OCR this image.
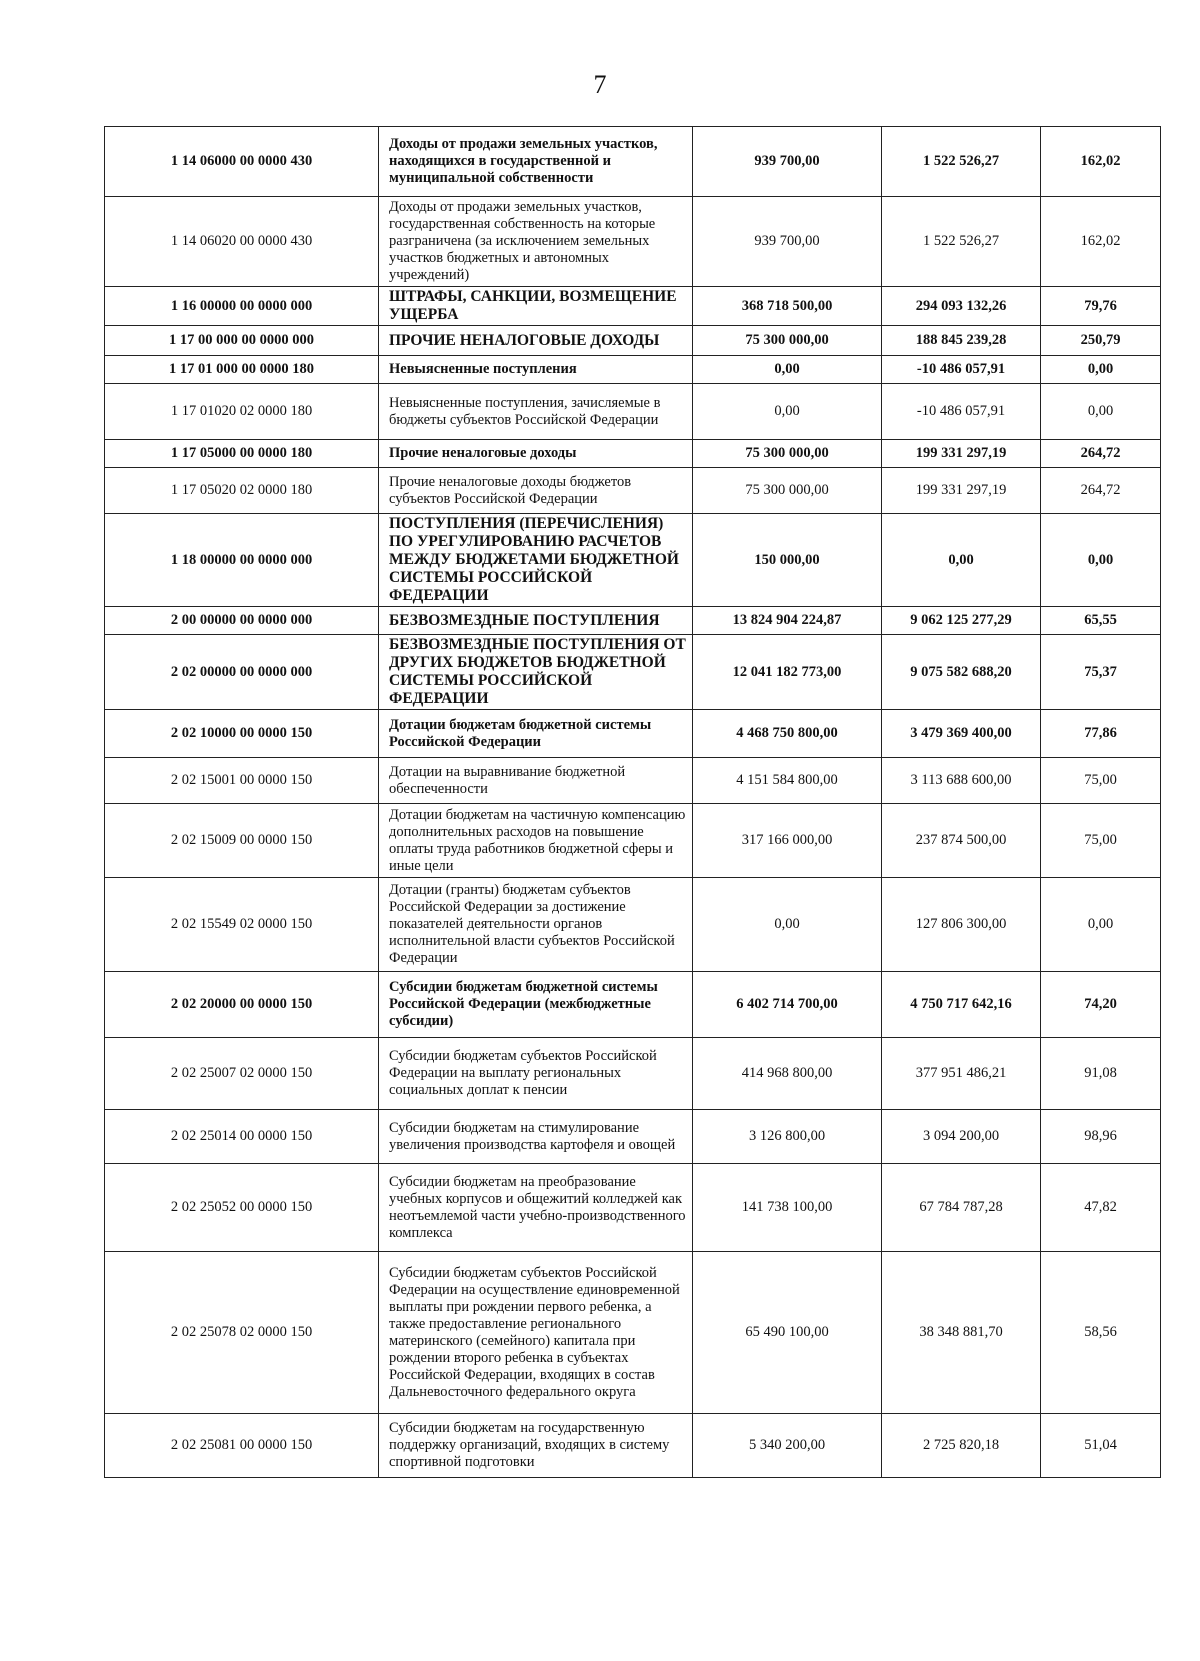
7
1 14 06000 00 0000 430	Доходы от продажи земельных участков, находящихся в государственной и муниципальной собственности	939 700,00	1 522 526,27	162,02
1 14 06020 00 0000 430	Доходы от продажи земельных участков, государственная собственность на которые разграничена (за исключением земельных участков бюджетных и автономных учреждений)	939 700,00	1 522 526,27	162,02
1 16 00000 00 0000 000	ШТРАФЫ, САНКЦИИ, ВОЗМЕЩЕНИЕ УЩЕРБА	368 718 500,00	294 093 132,26	79,76
1 17 00 000 00 0000 000	ПРОЧИЕ НЕНАЛОГОВЫЕ ДОХОДЫ	75 300 000,00	188 845 239,28	250,79
1 17 01 000 00 0000 180	Невыясненные поступления	0,00	-10 486 057,91	0,00
1 17 01020 02 0000 180	Невыясненные поступления, зачисляемые в бюджеты субъектов Российской Федерации	0,00	-10 486 057,91	0,00
1 17 05000 00 0000 180	Прочие неналоговые доходы	75 300 000,00	199 331 297,19	264,72
1 17 05020 02 0000 180	Прочие неналоговые доходы бюджетов субъектов Российской Федерации	75 300 000,00	199 331 297,19	264,72
1 18 00000 00 0000 000	ПОСТУПЛЕНИЯ (ПЕРЕЧИСЛЕНИЯ) ПО УРЕГУЛИРОВАНИЮ РАСЧЕТОВ МЕЖДУ БЮДЖЕТАМИ БЮДЖЕТНОЙ СИСТЕМЫ РОССИЙСКОЙ ФЕДЕРАЦИИ	150 000,00	0,00	0,00
2 00 00000 00 0000 000	БЕЗВОЗМЕЗДНЫЕ ПОСТУПЛЕНИЯ	13 824 904 224,87	9 062 125 277,29	65,55
2 02 00000 00 0000 000	БЕЗВОЗМЕЗДНЫЕ ПОСТУПЛЕНИЯ ОТ ДРУГИХ БЮДЖЕТОВ БЮДЖЕТНОЙ СИСТЕМЫ РОССИЙСКОЙ ФЕДЕРАЦИИ	12 041 182 773,00	9 075 582 688,20	75,37
2 02 10000 00 0000 150	Дотации бюджетам бюджетной системы Российской Федерации	4 468 750 800,00	3 479 369 400,00	77,86
2 02 15001 00 0000 150	Дотации на выравнивание бюджетной обеспеченности	4 151 584 800,00	3 113 688 600,00	75,00
2 02 15009 00 0000 150	Дотации бюджетам на частичную компенсацию дополнительных расходов на повышение оплаты труда работников бюджетной сферы и иные цели	317 166 000,00	237 874 500,00	75,00
2 02 15549 02 0000 150	Дотации (гранты) бюджетам субъектов Российской Федерации за достижение показателей деятельности органов исполнительной власти субъектов Российской Федерации	0,00	127 806 300,00	0,00
2 02 20000 00 0000 150	Субсидии бюджетам бюджетной системы Российской Федерации (межбюджетные субсидии)	6 402 714 700,00	4 750 717 642,16	74,20
2 02 25007 02 0000 150	Субсидии бюджетам субъектов Российской Федерации на выплату региональных социальных доплат к пенсии	414 968 800,00	377 951 486,21	91,08
2 02 25014 00 0000 150	Субсидии бюджетам на стимулирование увеличения производства картофеля и овощей	3 126 800,00	3 094 200,00	98,96
2 02 25052 00 0000 150	Субсидии бюджетам на преобразование учебных корпусов и общежитий колледжей как неотъемлемой части учебно-производственного комплекса	141 738 100,00	67 784 787,28	47,82
2 02 25078 02 0000 150	Субсидии бюджетам субъектов Российской Федерации на осуществление единовременной выплаты при рождении первого ребенка, а также предоставление регионального материнского (семейного) капитала при рождении второго ребенка в субъектах Российской Федерации, входящих в состав Дальневосточного федерального округа	65 490 100,00	38 348 881,70	58,56
2 02 25081 00 0000 150	Субсидии бюджетам на государственную поддержку организаций, входящих в систему спортивной подготовки	5 340 200,00	2 725 820,18	51,04
